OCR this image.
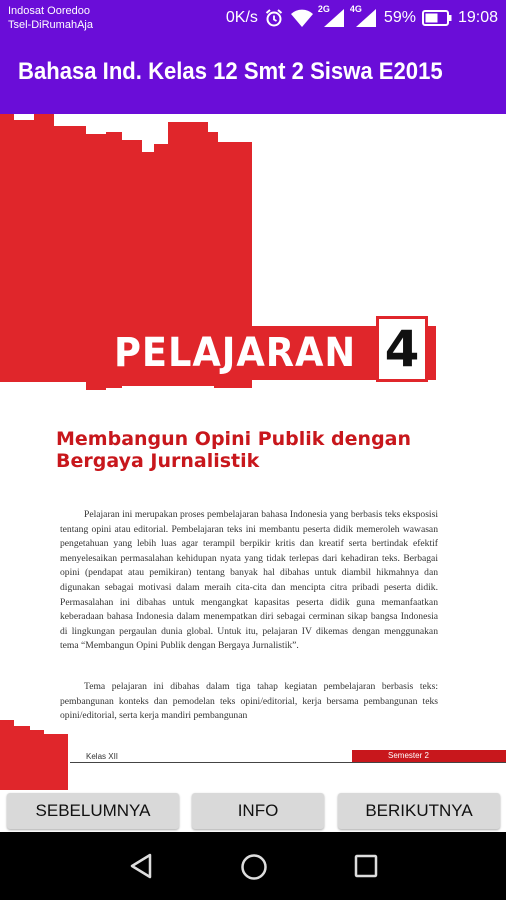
Indosat Ooredoo
Tsel-DiRumahAja	0K/s	2G 4G 59%	19:08
Bahasa Ind. Kelas 12 Smt 2 Siswa E2015
PELAJARAN 4
Membangun Opini Publik dengan
Bergaya Jurnalistik

Pelajaran ini merupakan proses pembelajaran bahasa Indonesia yang berbasis teks eksposisi tentang opini atau editorial. Pembelajaran teks ini membantu peserta didik memeroleh wawasan pengetahuan yang lebih luas agar terampil berpikir kritis dan kreatif serta bertindak efektif menyelesaikan permasalahan kehidupan nyata yang tidak terlepas dari kehadiran teks. Berbagai opini (pendapat atau pemikiran) tentang banyak hal dibahas untuk diambil hikmahnya dan digunakan sebagai motivasi dalam meraih cita-cita dan mencipta citra pribadi peserta didik. Permasalahan ini dibahas untuk mengangkat kapasitas peserta didik guna memanfaatkan keberadaan bahasa Indonesia dalam menempatkan diri sebagai cerminan sikap bangsa Indonesia di lingkungan pergaulan dunia global. Untuk itu, pelajaran IV dikemas dengan menggunakan tema “Membangun Opini Publik dengan Bergaya Jurnalistik”.

Tema pelajaran ini dibahas dalam tiga tahap kegiatan pembelajaran berbasis teks: pembangunan konteks dan pemodelan teks opini/editorial, kerja bersama pembangunan teks opini/editorial, serta kerja mandiri pembangunan

Kelas XII	Semester 2
SEBELUMNYA	INFO	BERIKUTNYA
